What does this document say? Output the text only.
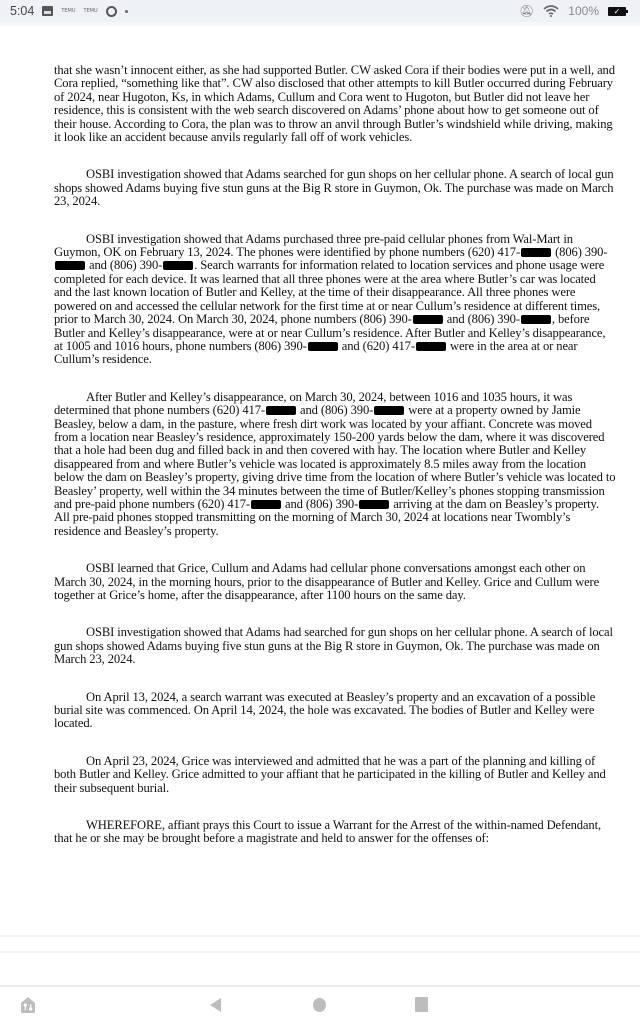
5:04	TEMU TEMU	🔕︎	100%	✓

that she wasn’t innocent either, as she had supported Butler. CW asked Cora if their bodies were put in a well, and Cora replied, “something like that”. CW also disclosed that other attempts to kill Butler occurred during February of 2024, near Hugoton, Ks, in which Adams, Cullum and Cora went to Hugoton, but Butler did not leave her residence, this is consistent with the web search discovered on Adams’ phone about how to get someone out of their house. According to Cora, the plan was to throw an anvil through Butler’s windshield while driving, making it look like an accident because anvils regularly fall off of work vehicles.

OSBI investigation showed that Adams searched for gun shops on her cellular phone. A search of local gun shops showed Adams buying five stun guns at the Big R store in Guymon, Ok. The purchase was made on March 23, 2024.

OSBI investigation showed that Adams purchased three pre-paid cellular phones from Wal-Mart in Guymon, OK on February 13, 2024. The phones were identified by phone numbers (620) 417-	(806) 390- and (806) 390-	. Search warrants for information related to location services and phone usage were completed for each device. It was learned that all three phones were at the area where Butler’s car was located and the last known location of Butler and Kelley, at the time of their disappearance. All three phones were powered on and accessed the cellular network for the first time at or near Cullum’s residence at different times, prior to March 30, 2024. On March 30, 2024, phone numbers (806) 390-	and (806) 390-	, before Butler and Kelley’s disappearance, were at or near Cullum’s residence. After Butler and Kelley’s disappearance, at 1005 and 1016 hours, phone numbers (806) 390-	and (620) 417-	were in the area at or near Cullum’s residence.

After Butler and Kelley’s disappearance, on March 30, 2024, between 1016 and 1035 hours, it was determined that phone numbers (620) 417-	and (806) 390-	were at a property owned by Jamie Beasley, below a dam, in the pasture, where fresh dirt work was located by your affiant. Concrete was moved from a location near Beasley’s residence, approximately 150-200 yards below the dam, where it was discovered that a hole had been dug and filled back in and then covered with hay. The location where Butler and Kelley disappeared from and where Butler’s vehicle was located is approximately 8.5 miles away from the location below the dam on Beasley’s property, giving drive time from the location of where Butler’s vehicle was located to Beasley’ property, well within the 34 minutes between the time of Butler/Kelley’s phones stopping transmission and pre-paid phone numbers (620) 417-	and (806) 390-	arriving at the dam on Beasley’s property. All pre-paid phones stopped transmitting on the morning of March 30, 2024 at locations near Twombly’s residence and Beasley’s property.

OSBI learned that Grice, Cullum and Adams had cellular phone conversations amongst each other on March 30, 2024, in the morning hours, prior to the disappearance of Butler and Kelley. Grice and Cullum were together at Grice’s home, after the disappearance, after 1100 hours on the same day.

OSBI investigation showed that Adams had searched for gun shops on her cellular phone. A search of local gun shops showed Adams buying five stun guns at the Big R store in Guymon, Ok. The purchase was made on March 23, 2024.

On April 13, 2024, a search warrant was executed at Beasley’s property and an excavation of a possible burial site was commenced. On April 14, 2024, the hole was excavated. The bodies of Butler and Kelley were located.

On April 23, 2024, Grice was interviewed and admitted that he was a part of the planning and killing of both Butler and Kelley. Grice admitted to your affiant that he participated in the killing of Butler and Kelley and their subsequent burial.

WHEREFORE, affiant prays this Court to issue a Warrant for the Arrest of the within-named Defendant, that he or she may be brought before a magistrate and held to answer for the offenses of:
